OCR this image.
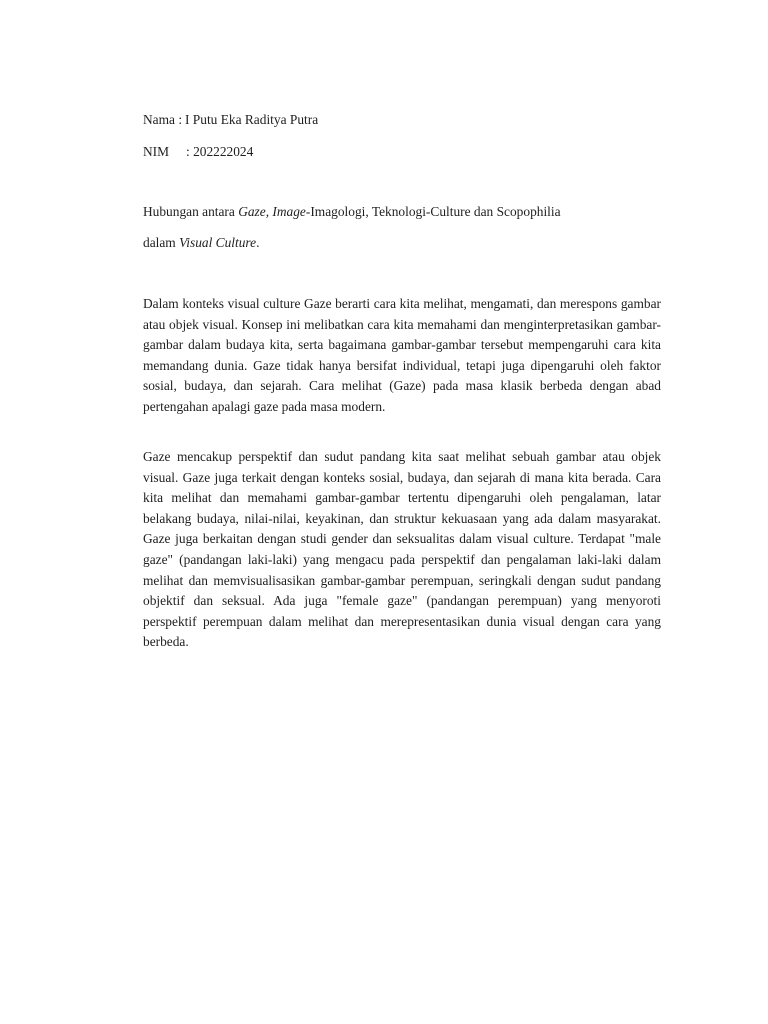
Nama : I Putu Eka Raditya Putra
NIM : 202222024
Hubungan antara Gaze, Image-Imagologi, Teknologi-Culture dan Scopophilia
dalam Visual Culture.

Dalam konteks visual culture Gaze berarti cara kita melihat, mengamati, dan merespons gambar atau objek visual. Konsep ini melibatkan cara kita memahami dan menginterpretasikan gambar-gambar dalam budaya kita, serta bagaimana gambar-gambar tersebut mempengaruhi cara kita memandang dunia. Gaze tidak hanya bersifat individual, tetapi juga dipengaruhi oleh faktor sosial, budaya, dan sejarah. Cara melihat (Gaze) pada masa klasik berbeda dengan abad pertengahan apalagi gaze pada masa modern.

Gaze mencakup perspektif dan sudut pandang kita saat melihat sebuah gambar atau objek visual. Gaze juga terkait dengan konteks sosial, budaya, dan sejarah di mana kita berada. Cara kita melihat dan memahami gambar-gambar tertentu dipengaruhi oleh pengalaman, latar belakang budaya, nilai-nilai, keyakinan, dan struktur kekuasaan yang ada dalam masyarakat. Gaze juga berkaitan dengan studi gender dan seksualitas dalam visual culture. Terdapat "male gaze" (pandangan laki-laki) yang mengacu pada perspektif dan pengalaman laki-laki dalam melihat dan memvisualisasikan gambar-gambar perempuan, seringkali dengan sudut pandang objektif dan seksual. Ada juga "female gaze" (pandangan perempuan) yang menyoroti perspektif perempuan dalam melihat dan merepresentasikan dunia visual dengan cara yang berbeda.
